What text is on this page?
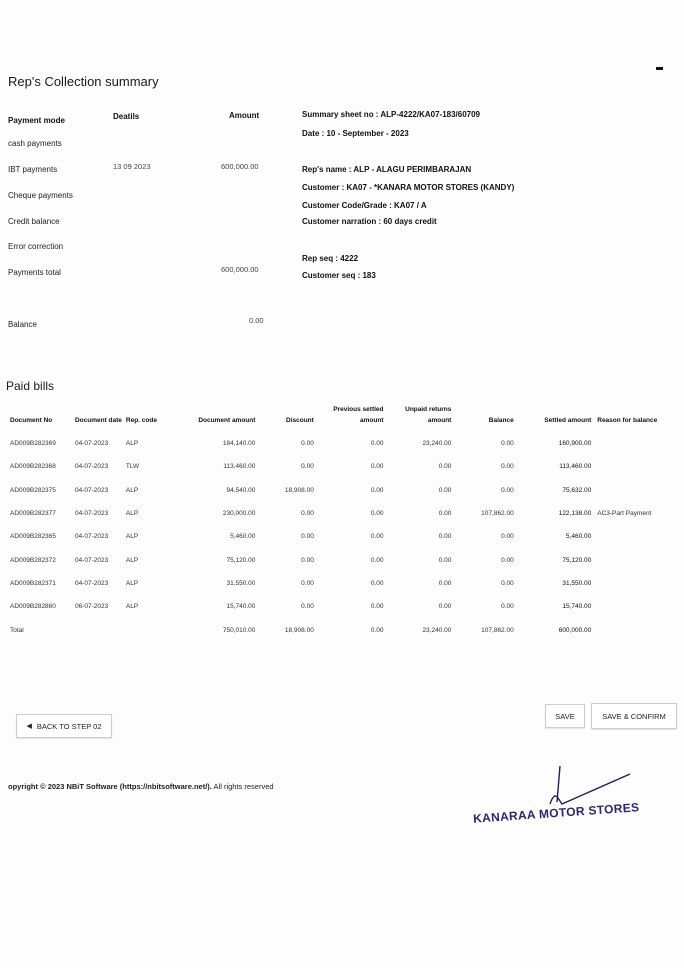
Rep's Collection summary
Payment mode	Deatils	Amount
cash payments
IBT payments	13 09 2023	600,000.00
Cheque payments
Credit balance
Error correction
Payments total	600,000.00
Balance	0.00
Summary sheet no : ALP-4222/KA07-183/60709
Date : 10 - September - 2023
Rep's name : ALP - ALAGU PERIMBARAJAN
Customer : KA07 - *KANARA MOTOR STORES (KANDY)
Customer Code/Grade : KA07 / A
Customer narration : 60 days credit
Rep seq : 4222
Customer seq : 183
Paid bills
Document No	Document date	Rep. code	Document amount	Discount	Previous settled amount	Unpaid returns amount	Balance	Settled amount	Reason for balance
AD009B282369	04-07-2023	ALP	184,140.00	0.00	0.00	23,240.00	0.00	160,900.00	
AD009B282368	04-07-2023	TLW	113,460.00	0.00	0.00	0.00	0.00	113,460.00	
AD009B282375	04-07-2023	ALP	94,540.00	18,908.00	0.00	0.00	0.00	75,632.00	
AD009B282377	04-07-2023	ALP	230,000.00	0.00	0.00	0.00	107,862.00	122,138.00	AC3-Part Payment
AD009B282365	04-07-2023	ALP	5,460.00	0.00	0.00	0.00	0.00	5,460.00	
AD009B282372	04-07-2023	ALP	75,120.00	0.00	0.00	0.00	0.00	75,120.00	
AD009B282371	04-07-2023	ALP	31,550.00	0.00	0.00	0.00	0.00	31,550.00	
AD009B282860	06-07-2023	ALP	15,740.00	0.00	0.00	0.00	0.00	15,740.00	
Total			750,010.00	18,908.00	0.00	23,240.00	107,862.00	600,000.00	
◀ BACK TO STEP 02
SAVE	SAVE & CONFIRM
opyright © 2023 NBiT Software (https://nbitsoftware.net/). All rights reserved
KANARAA MOTOR STORES
